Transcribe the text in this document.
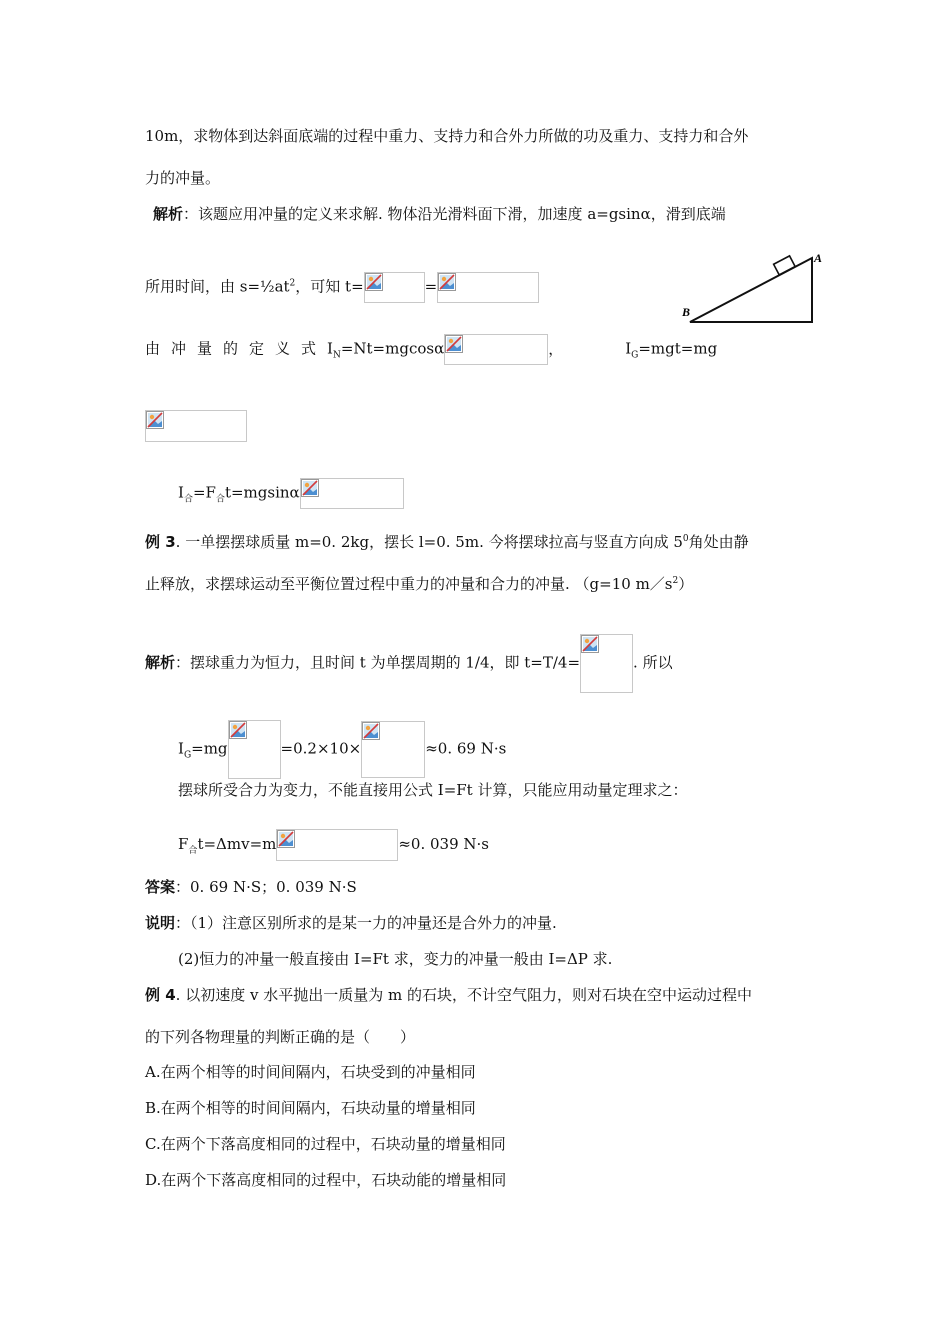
10m，求物体到达斜面底端的过程中重力、支持力和合外力所做的功及重力、支持力和合外
力的冲量。
解析：该题应用冲量的定义来求解. 物体沿光滑料面下滑，加速度 a=gsinα，滑到底端
所用时间，由 $s=\frac{1}{2}at^2$，可知 t=	=
由冲量的定义式$I_N=Nt=mgcos\alpha$	，	$I_G=mgt=mg$
$I_合=F_合t=mgsin\alpha$
例 3. 一单摆摆球质量 m=0. 2kg，摆长 l=0. 5m. 今将摆球拉高与竖直方向成 $5^0$角处由静
止释放，求摆球运动至平衡位置过程中重力的冲量和合力的冲量. （g=10 $m/s^2$）
解析：摆球重力为恒力，且时间 t 为单摆周期的 1/4，即 t=T/4=	. 所以
$I_G=mg$	=0.2×10×	≈0. 69 N·s
摆球所受合力为变力，不能直接用公式 I=Ft 计算，只能应用动量定理求之：
$F_合t=\Delta mv=m$	≈0. 039 N·s
答案：0. 69 N·S；0. 039 N·S
说明：（1）注意区别所求的是某一力的冲量还是合外力的冲量.
(2)恒力的冲量一般直接由 I=Ft 求，变力的冲量一般由 I=ΔP 求.
例 4. 以初速度 v 水平抛出一质量为 m 的石块，不计空气阻力，则对石块在空中运动过程中
的下列各物理量的判断正确的是（　　）
A.在两个相等的时间间隔内，石块受到的冲量相同
B.在两个相等的时间间隔内，石块动量的增量相同
C.在两个下落高度相同的过程中，石块动量的增量相同
D.在两个下落高度相同的过程中，石块动能的增量相同
A
B
